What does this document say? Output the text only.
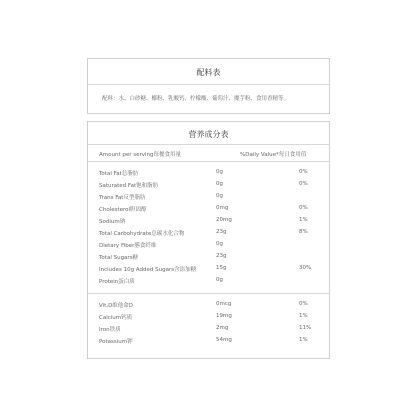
配料表
配料：水、白砂糖、椰粉、乳酸钙、柠檬酸、葡萄汁、魔芋粉、食用香精等。
营养成分表
Amount per serving每餐食用量	%Daily Value*每日食用值
Total Fat总脂肪	0g	0%
Saturated Fat饱和脂肪	0g	0%
Trans Fat反型脂肪	0g
Cholesterol胆固醇	0mg	0%
Sodium钠	20mg	1%
Total Carbohydrate总碳水化合物	23g	8%
Dietary Fiber膳食纤维	0g
Total Sugars糖	23g
Includes 10g Added Sugars含添加糖	15g	30%
Protein蛋白质	0g
Vit.D维他命D	0mcg	0%
Calcium钙质	19mg	1%
Iron铁质	2mg	11%
Potassium钾	54mg	1%
